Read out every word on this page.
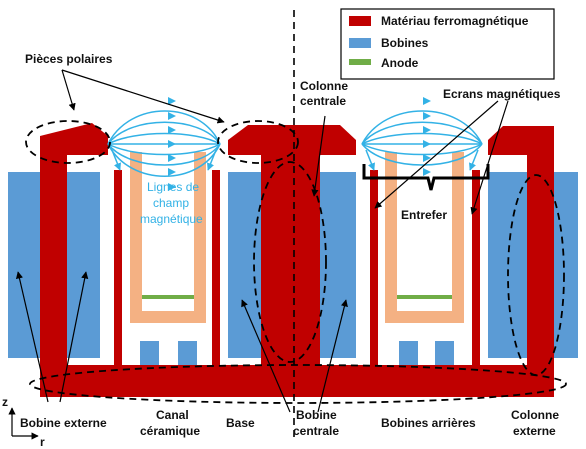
z
r
Matériau ferromagnétique
Bobines
Anode
Pièces polaires
Colonne
centrale	Ecrans magnétiques
Lignes de
champ
magnétique	Entrefer
Bobine externe
Canal
céramique
Base
Bobine
centrale
Bobines arrières
Colonne
externe
